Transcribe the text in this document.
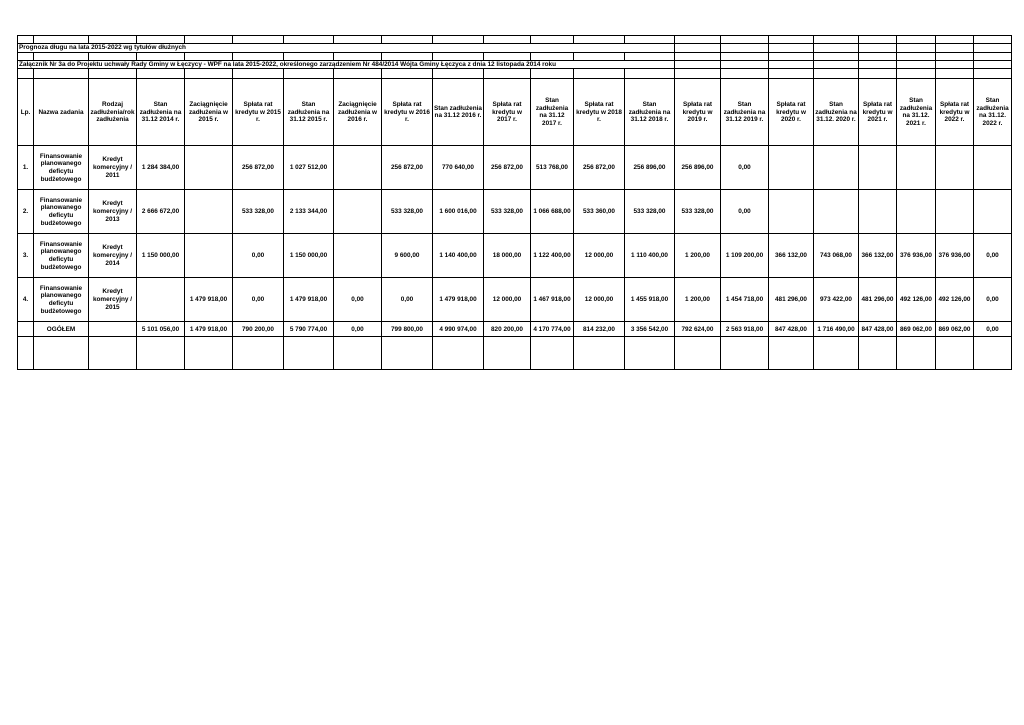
Prognoza długu na lata 2015-2022 wg tytułów dłużnych																					

Załącznik Nr 3a do Projektu uchwały Rady Gminy w Łęczycy - WPF na lata 2015-2022, określonego zarządzeniem Nr 484/2014 Wójta Gminy Łęczyca z dnia 12 listopada 2014 roku																					

Lp.	Nazwa zadania	Rodzaj zadłużenia/rok zadłużenia	Stan zadłużenia na 31.12 2014 r.	Zaciągnięcie zadłużenia w 2015 r.	Spłata rat kredytu w 2015 r.	Stan zadłużenia na 31.12 2015 r.	Zaciągnięcie zadłużenia w 2016 r.	Spłata rat kredytu w 2016 r.	Stan zadłużenia na 31.12 2016 r.	Spłata rat kredytu w 2017 r.	Stan zadłużenia na 31.12 2017 r.	Spłata rat kredytu w 2018 r.	Stan zadłużenia na 31.12 2018 r.	Spłata rat kredytu w 2019 r.	Stan zadłużenia na 31.12 2019 r.	Spłata rat kredytu w 2020 r.	Stan zadłużenia na 31.12. 2020 r.	Spłata rat kredytu w 2021 r.	Stan zadłużenia na 31.12. 2021 r.	Spłata rat kredytu w 2022 r.	Stan zadłużenia na 31.12. 2022 r.
1.	Finansowanie planowanego deficytu budżetowego	Kredyt komercyjny / 2011	1 284 384,00		256 872,00	1 027 512,00		256 872,00	770 640,00	256 872,00	513 768,00	256 872,00	256 896,00	256 896,00	0,00						
2.	Finansowanie planowanego deficytu budżetowego	Kredyt komercyjny / 2013	2 666 672,00		533 328,00	2 133 344,00		533 328,00	1 600 016,00	533 328,00	1 066 688,00	533 360,00	533 328,00	533 328,00	0,00						
3.	Finansowanie planowanego deficytu budżetowego	Kredyt komercyjny / 2014	1 150 000,00		0,00	1 150 000,00		9 600,00	1 140 400,00	18 000,00	1 122 400,00	12 000,00	1 110 400,00	1 200,00	1 109 200,00	366 132,00	743 068,00	366 132,00	376 936,00	376 936,00	0,00
4.	Finansowanie planowanego deficytu budżetowego	Kredyt komercyjny / 2015		1 479 918,00	0,00	1 479 918,00	0,00	0,00	1 479 918,00	12 000,00	1 467 918,00	12 000,00	1 455 918,00	1 200,00	1 454 718,00	481 296,00	973 422,00	481 296,00	492 126,00	492 126,00	0,00
	OGÓŁEM		5 101 056,00	1 479 918,00	790 200,00	5 790 774,00	0,00	799 800,00	4 990 974,00	820 200,00	4 170 774,00	814 232,00	3 356 542,00	792 624,00	2 563 918,00	847 428,00	1 716 490,00	847 428,00	869 062,00	869 062,00	0,00
